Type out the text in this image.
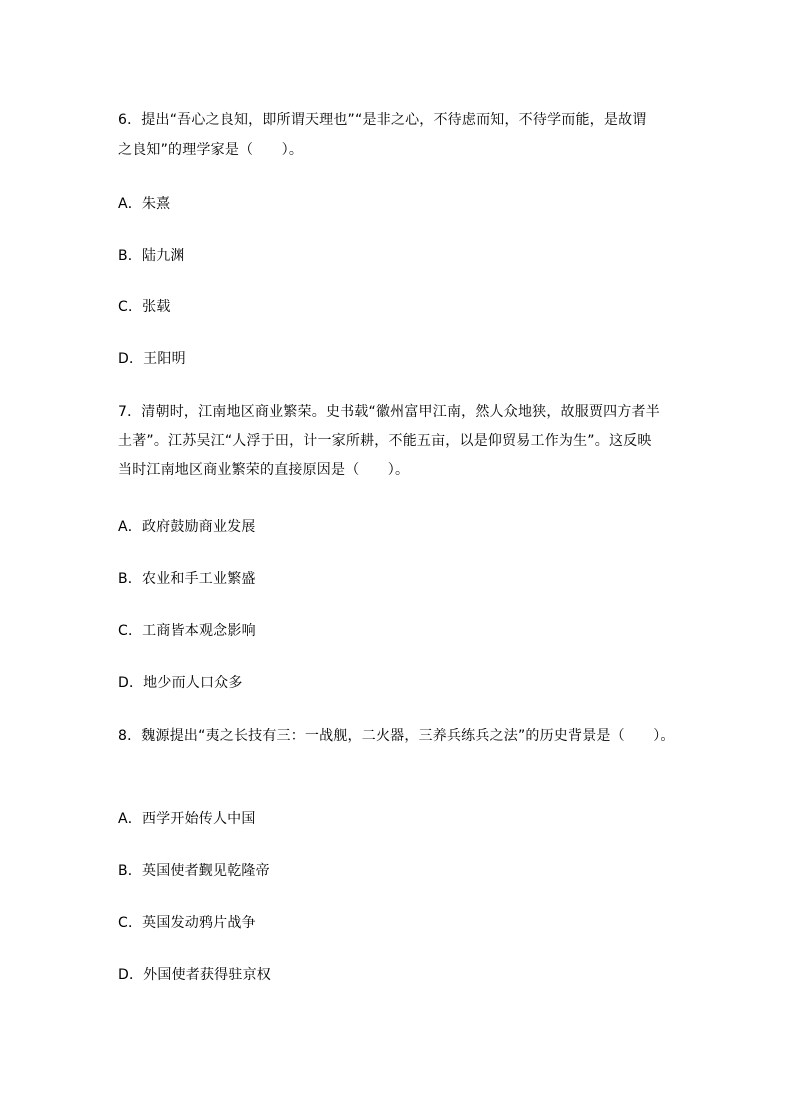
6．提出“吾心之良知，即所谓天理也”“是非之心，不待虑而知，不待学而能，是故谓
之良知”的理学家是（　　）。
A．朱熹
B．陆九渊
C．张载
D．王阳明
7．清朝时，江南地区商业繁荣。史书载“徽州富甲江南，然人众地狭，故服贾四方者半
土著”。江苏吴江“人浮于田，计一家所耕，不能五亩，以是仰贸易工作为生”。这反映
当时江南地区商业繁荣的直接原因是（　　）。
A．政府鼓励商业发展
B．农业和手工业繁盛
C．工商皆本观念影响
D．地少而人口众多
8．魏源提出“夷之长技有三：一战舰，二火器，三养兵练兵之法”的历史背景是（　　）。
A．西学开始传人中国
B．英国使者觐见乾隆帝
C．英国发动鸦片战争
D．外国使者获得驻京权
